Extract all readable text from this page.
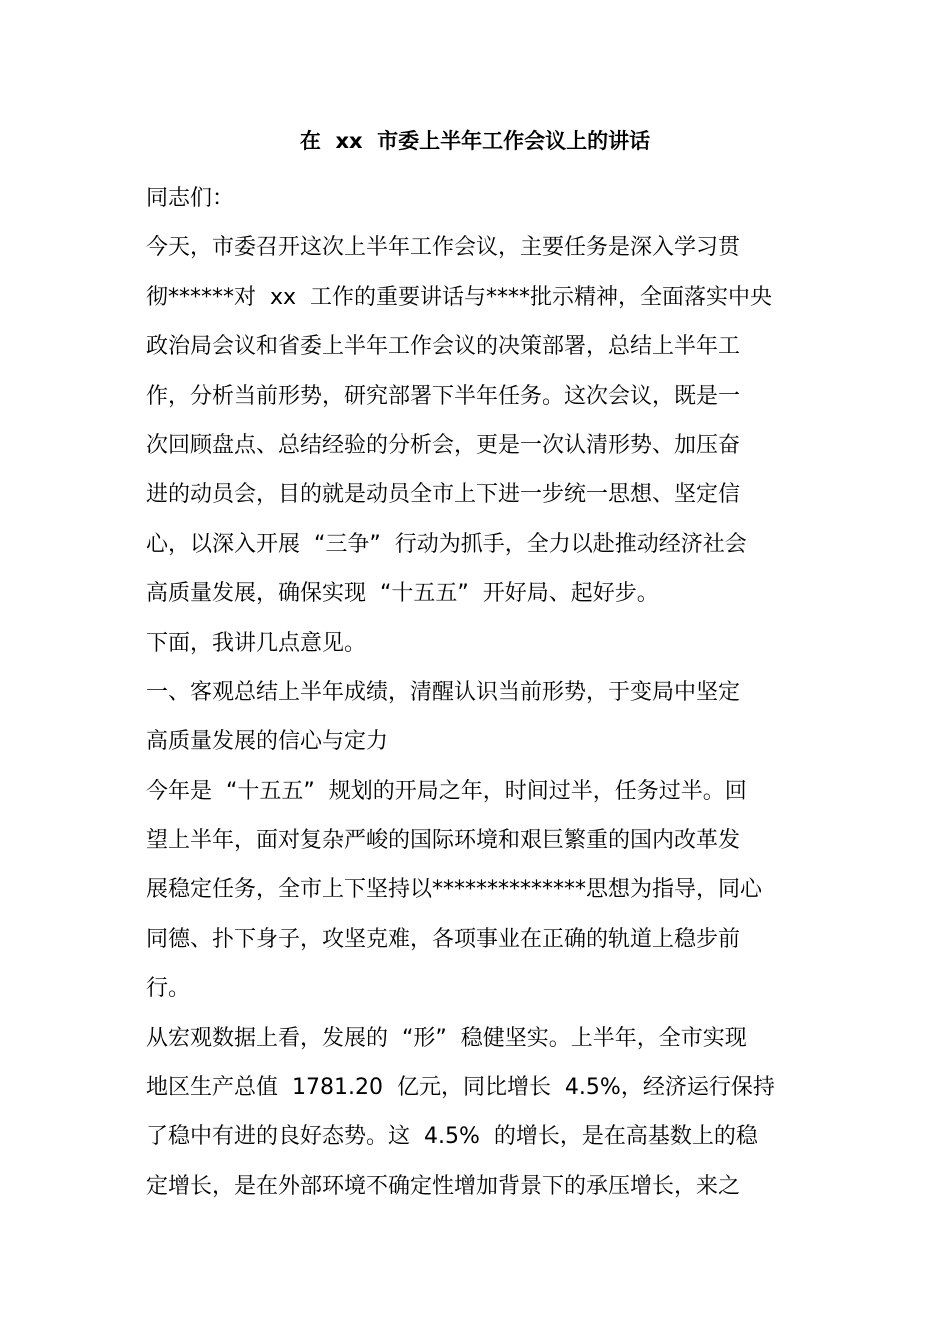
在  xx  市委上半年工作会议上的讲话
同志们：
今天，市委召开这次上半年工作会议，主要任务是深入学习贯
彻******对  xx  工作的重要讲话与****批示精神，全面落实中央
政治局会议和省委上半年工作会议的决策部署，总结上半年工
作，分析当前形势，研究部署下半年任务。这次会议，既是一
次回顾盘点、总结经验的分析会，更是一次认清形势、加压奋
进的动员会，目的就是动员全市上下进一步统一思想、坚定信
心，以深入开展  “三争”  行动为抓手，全力以赴推动经济社会
高质量发展，确保实现  “十五五”  开好局、起好步。
下面，我讲几点意见。
一、客观总结上半年成绩，清醒认识当前形势，于变局中坚定
高质量发展的信心与定力
今年是  “十五五”  规划的开局之年，时间过半，任务过半。回
望上半年，面对复杂严峻的国际环境和艰巨繁重的国内改革发
展稳定任务，全市上下坚持以**************思想为指导，同心
同德、扑下身子，攻坚克难，各项事业在正确的轨道上稳步前
行。
从宏观数据上看，发展的  “形”  稳健坚实。上半年，全市实现
地区生产总值  1781.20  亿元，同比增长  4.5%，经济运行保持
了稳中有进的良好态势。这  4.5%  的增长，是在高基数上的稳
定增长，是在外部环境不确定性增加背景下的承压增长，来之
